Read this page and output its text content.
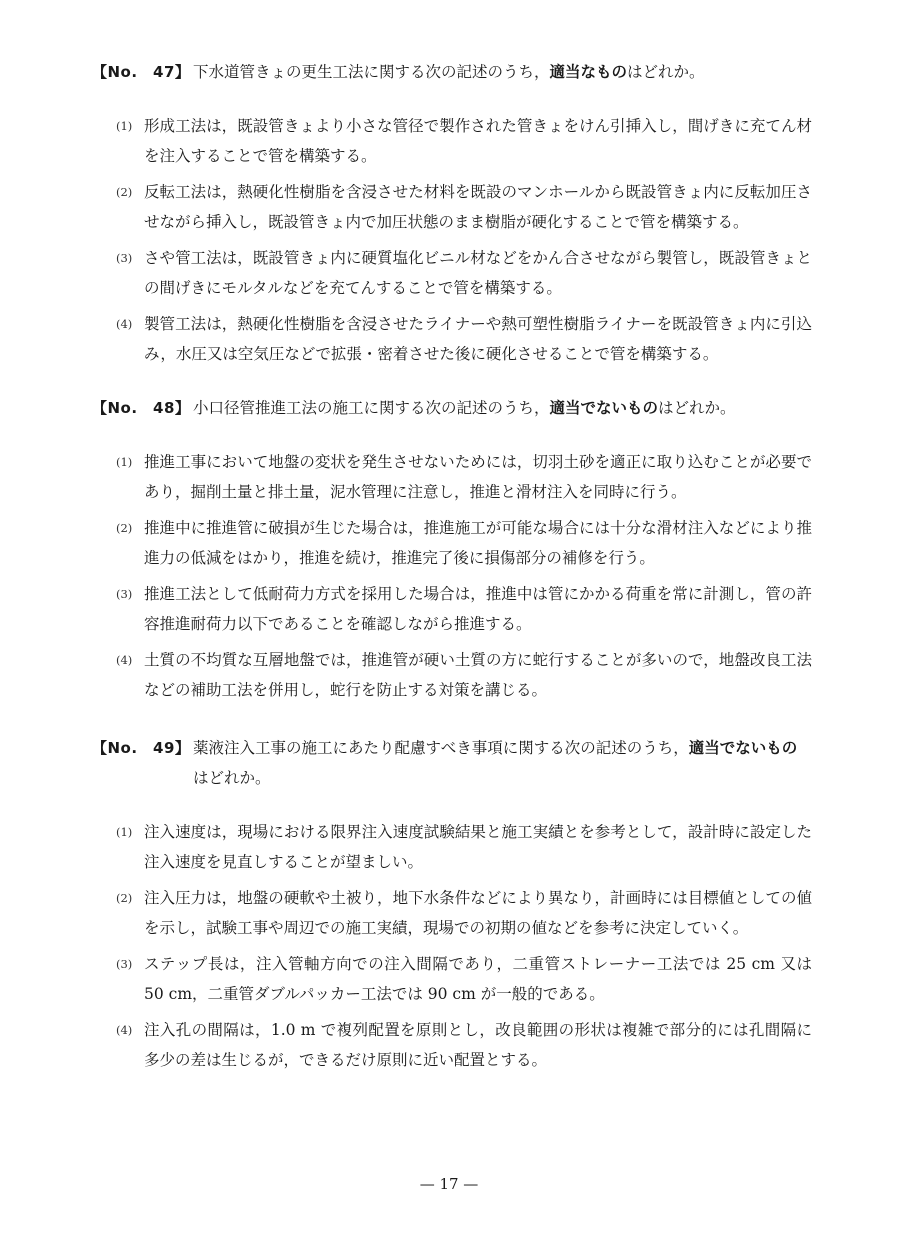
【No.　47】 下水道管きょの更生工法に関する次の記述のうち，適当なものはどれか。
(1) 形成工法は，既設管きょより小さな管径で製作された管きょをけん引挿入し，間げきに充てん材を注入することで管を構築する。
(2) 反転工法は，熱硬化性樹脂を含浸させた材料を既設のマンホールから既設管きょ内に反転加圧させながら挿入し，既設管きょ内で加圧状態のまま樹脂が硬化することで管を構築する。
(3) さや管工法は，既設管きょ内に硬質塩化ビニル材などをかん合させながら製管し，既設管きょとの間げきにモルタルなどを充てんすることで管を構築する。
(4) 製管工法は，熱硬化性樹脂を含浸させたライナーや熱可塑性樹脂ライナーを既設管きょ内に引込み，水圧又は空気圧などで拡張・密着させた後に硬化させることで管を構築する。
【No.　48】 小口径管推進工法の施工に関する次の記述のうち，適当でないものはどれか。
(1) 推進工事において地盤の変状を発生させないためには，切羽土砂を適正に取り込むことが必要であり，掘削土量と排土量，泥水管理に注意し，推進と滑材注入を同時に行う。
(2) 推進中に推進管に破損が生じた場合は，推進施工が可能な場合には十分な滑材注入などにより推進力の低減をはかり，推進を続け，推進完了後に損傷部分の補修を行う。
(3) 推進工法として低耐荷力方式を採用した場合は，推進中は管にかかる荷重を常に計測し，管の許容推進耐荷力以下であることを確認しながら推進する。
(4) 土質の不均質な互層地盤では，推進管が硬い土質の方に蛇行することが多いので，地盤改良工法などの補助工法を併用し，蛇行を防止する対策を講じる。
【No.　49】 薬液注入工事の施工にあたり配慮すべき事項に関する次の記述のうち，適当でないものはどれか。
(1) 注入速度は，現場における限界注入速度試験結果と施工実績とを参考として，設計時に設定した注入速度を見直しすることが望ましい。
(2) 注入圧力は，地盤の硬軟や土被り，地下水条件などにより異なり，計画時には目標値としての値を示し，試験工事や周辺での施工実績，現場での初期の値などを参考に決定していく。
(3) ステップ長は，注入管軸方向での注入間隔であり，二重管ストレーナー工法では 25 cm 又は 50 cm，二重管ダブルパッカー工法では 90 cm が一般的である。
(4) 注入孔の間隔は，1.0 m で複列配置を原則とし，改良範囲の形状は複雑で部分的には孔間隔に多少の差は生じるが，できるだけ原則に近い配置とする。
— 17 —
